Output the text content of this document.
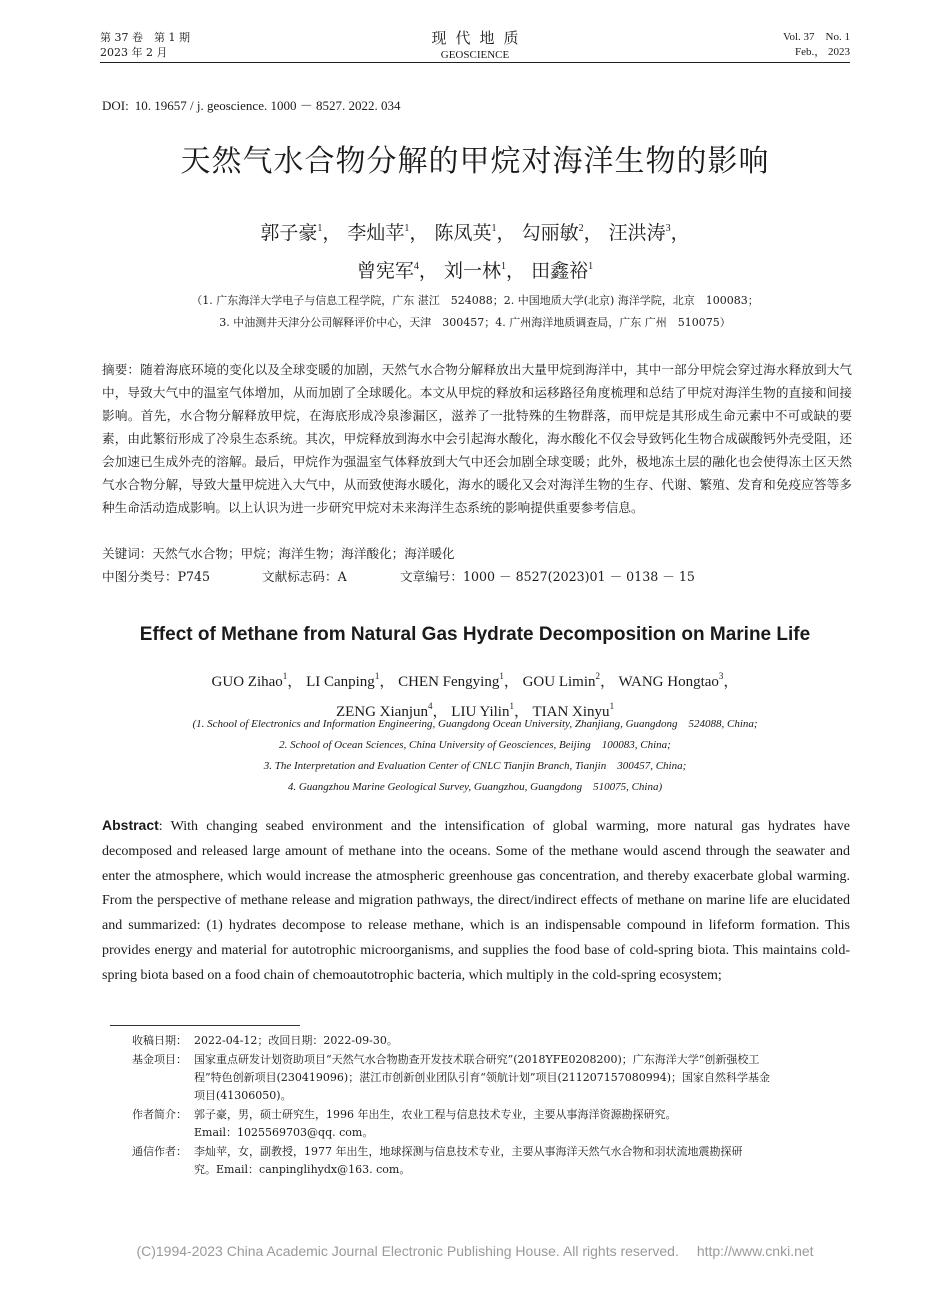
第 37 卷　第 1 期
2023 年 2 月
现代地质
GEOSCIENCE
Vol. 37　No. 1
Feb.， 2023
DOI: 10. 19657 / j. geoscience. 1000 － 8527. 2022. 034
天然气水合物分解的甲烷对海洋生物的影响
郭子豪$^1$， 李灿苹$^1$， 陈凤英$^1$， 勾丽敏$^2$， 汪洪涛$^3$，
曾宪军$^4$， 刘一林$^1$， 田鑫裕$^1$
（1. 广东海洋大学电子与信息工程学院，广东 湛江　524088；2. 中国地质大学(北京) 海洋学院，北京　100083；
3. 中油测井天津分公司解释评价中心，天津　300457；4. 广州海洋地质调查局，广东 广州　510075）
摘要：随着海底环境的变化以及全球变暖的加剧，天然气水合物分解释放出大量甲烷到海洋中，其中一部分甲烷会穿过海水释放到大气中，导致大气中的温室气体增加，从而加剧了全球暖化。本文从甲烷的释放和运移路径角度梳理和总结了甲烷对海洋生物的直接和间接影响。首先，水合物分解释放甲烷，在海底形成冷泉渗漏区，滋养了一批特殊的生物群落，而甲烷是其形成生命元素中不可或缺的要素，由此繁衍形成了冷泉生态系统。其次，甲烷释放到海水中会引起海水酸化，海水酸化不仅会导致钙化生物合成碳酸钙外壳受阻，还会加速已生成外壳的溶解。最后，甲烷作为强温室气体释放到大气中还会加剧全球变暖；此外，极地冻土层的融化也会使得冻土区天然气水合物分解，导致大量甲烷进入大气中，从而致使海水暖化，海水的暖化又会对海洋生物的生存、代谢、繁殖、发育和免疫应答等多种生命活动造成影响。以上认识为进一步研究甲烷对未来海洋生态系统的影响提供重要参考信息。
关键词：天然气水合物；甲烷；海洋生物；海洋酸化；海洋暖化
中图分类号：P745	文献标志码：A	文章编号：1000 － 8527(2023)01 － 0138 － 15
Effect of Methane from Natural Gas Hydrate Decomposition on Marine Life
GUO Zihao$^1$， LI Canping$^1$， CHEN Fengying$^1$， GOU Limin$^2$， WANG Hongtao$^3$，
ZENG Xianjun$^4$， LIU Yilin$^1$， TIAN Xinyu$^1$
(1. School of Electronics and Information Engineering, Guangdong Ocean University, Zhanjiang, Guangdong　524088, China;
2. School of Ocean Sciences, China University of Geosciences, Beijing　100083, China;
3. The Interpretation and Evaluation Center of CNLC Tianjin Branch, Tianjin　300457, China;
4. Guangzhou Marine Geological Survey, Guangzhou, Guangdong　510075, China)
Abstract: With changing seabed environment and the intensification of global warming, more natural gas hydrates have decomposed and released large amount of methane into the oceans. Some of the methane would ascend through the seawater and enter the atmosphere, which would increase the atmospheric greenhouse gas concentration, and thereby exacerbate global warming. From the perspective of methane release and migration pathways, the direct/indirect effects of methane on marine life are elucidated and summarized: (1) hydrates decompose to release methane, which is an indispensable compound in lifeform formation. This provides energy and material for autotrophic microorganisms, and supplies the food base of cold-spring biota. This maintains cold-spring biota based on a food chain of chemoautotrophic bacteria, which multiply in the cold-spring ecosystem;
收稿日期： 2022-04-12；改回日期：2022-09-30。
基金项目： 国家重点研发计划资助项目“天然气水合物勘查开发技术联合研究”(2018YFE0208200)；广东海洋大学“创新强校工
程”特色创新项目(230419096)；湛江市创新创业团队引育“领航计划”项目(211207157080994)；国家自然科学基金
项目(41306050)。
作者简介： 郭子豪，男，硕士研究生，1996 年出生，农业工程与信息技术专业，主要从事海洋资源勘探研究。
Email：1025569703@qq. com。
通信作者： 李灿苹，女，副教授，1977 年出生，地球探测与信息技术专业，主要从事海洋天然气水合物和羽状流地震勘探研
究。Email：canpinglihydx@163. com。
(C)1994-2023 China Academic Journal Electronic Publishing House. All rights reserved. http://www.cnki.net
